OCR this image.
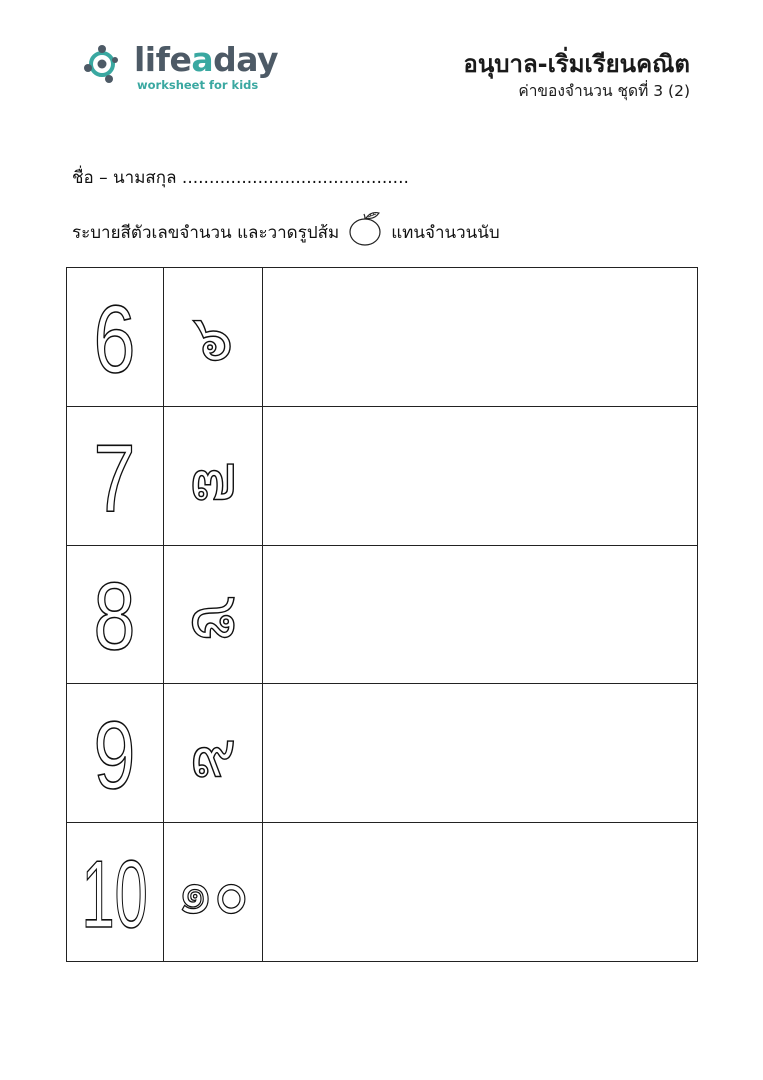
lifeaday
worksheet for kids
อนุบาล-เริ่มเรียนคณิต
ค่าของจำนวน ชุดที่ 3 (2)
ชื่อ – นามสกุล ..........................................
ระบายสีตัวเลขจำนวน และวาดรูปส้ม	แทนจำนวนนับ
6	๖	

7	๗	

8	๘	

9	๙	

10	๑๐	
